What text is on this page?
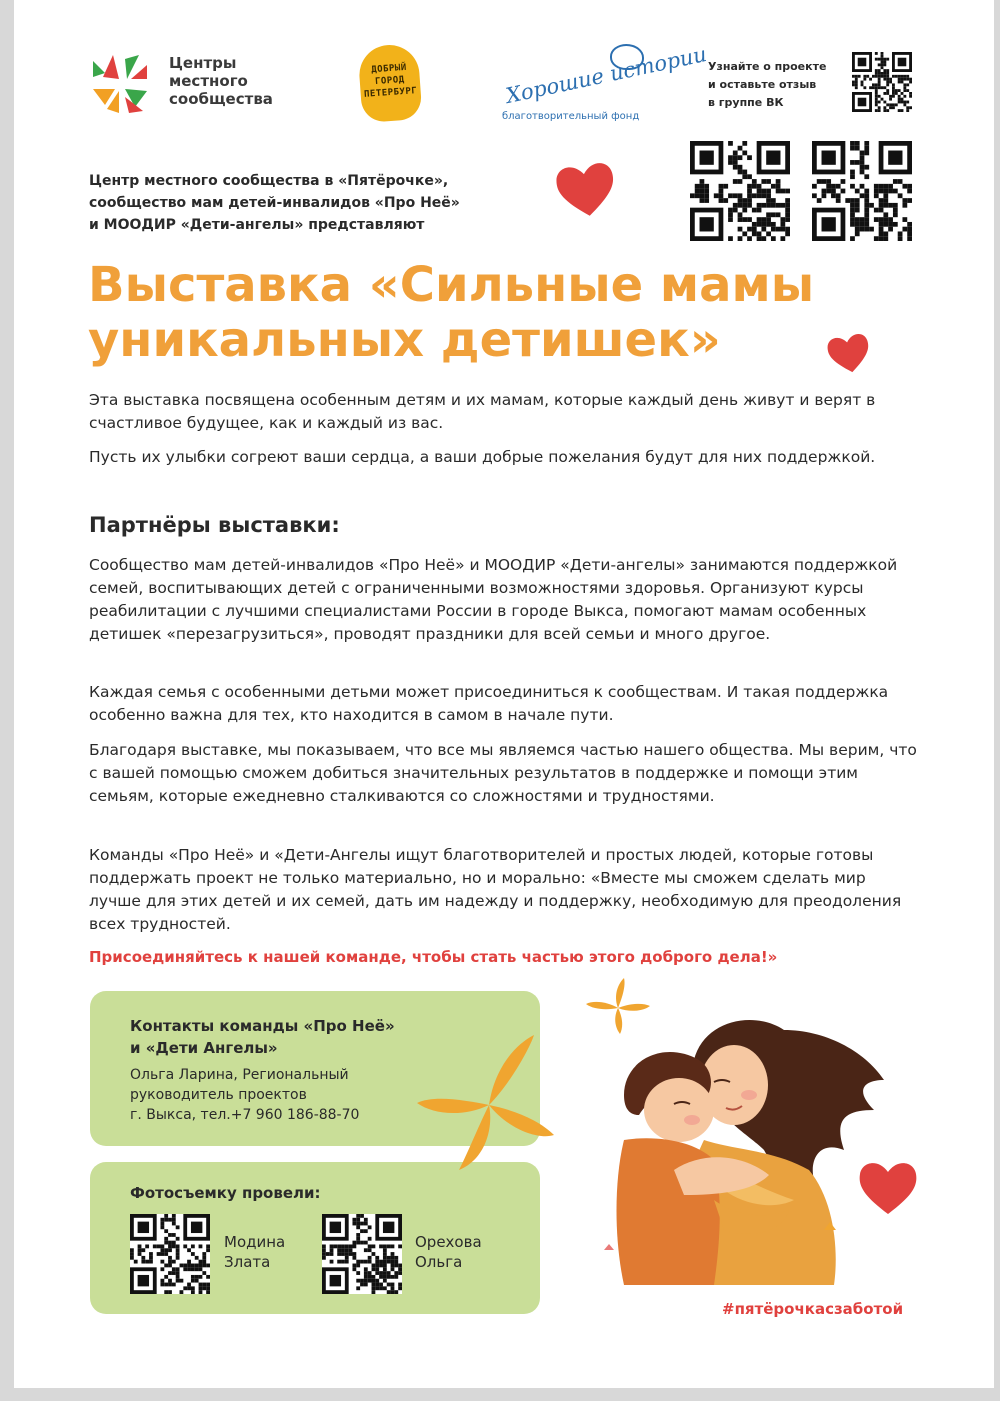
Центры
местного
сообщества
ДОБРЫЙ
ГОРОД
ПЕТЕРБУРГ	Хорошие истории
благотворительный фонд
Узнайте о проекте
и оставьте отзыв
в группе ВК
Центр местного сообщества в «Пятёрочке»,
сообщество мам детей-инвалидов «Про Неё»
и МООДИР «Дети-ангелы» представляют
Выставка «Сильные мамы
уникальных детишек»

Эта выставка посвящена особенным детям и их мамам, которые каждый день живут и верят в счастливое будущее, как и каждый из вас.

Пусть их улыбки согреют ваши сердца, а ваши добрые пожелания будут для них поддержкой.

Партнёры выставки:

Сообщество мам детей-инвалидов «Про Неё» и МООДИР «Дети-ангелы» занимаются поддержкой семей, воспитывающих детей с ограниченными возможностями здоровья. Организуют курсы реабилитации с лучшими специалистами России в городе Выкса, помогают мамам особенных детишек «перезагрузиться», проводят праздники для всей семьи и много другое.

Каждая семья с особенными детьми может присоединиться к сообществам. И такая поддержка особенно важна для тех, кто находится в самом в начале пути.

Благодаря выставке, мы показываем, что все мы являемся частью нашего общества. Мы верим, что с вашей помощью сможем добиться значительных результатов в поддержке и помощи этим семьям, которые ежедневно сталкиваются со сложностями и трудностями.

Команды «Про Неё» и «Дети-Ангелы ищут благотворителей и простых людей, которые готовы поддержать проект не только материально, но и морально: «Вместе мы сможем сделать мир лучше для этих детей и их семей, дать им надежду и поддержку, необходимую для преодоления всех трудностей.

Присоединяйтесь к нашей команде, чтобы стать частью этого доброго дела!»
Контакты команды «Про Неё»
и «Дети Ангелы»
Ольга Ларина, Региональный
руководитель проектов
г. Выкса, тел.+7 960 186-88-70
Фотосъемку провели:
Модина
Злата
Орехова
Ольга
#пятёрочкасзаботой
